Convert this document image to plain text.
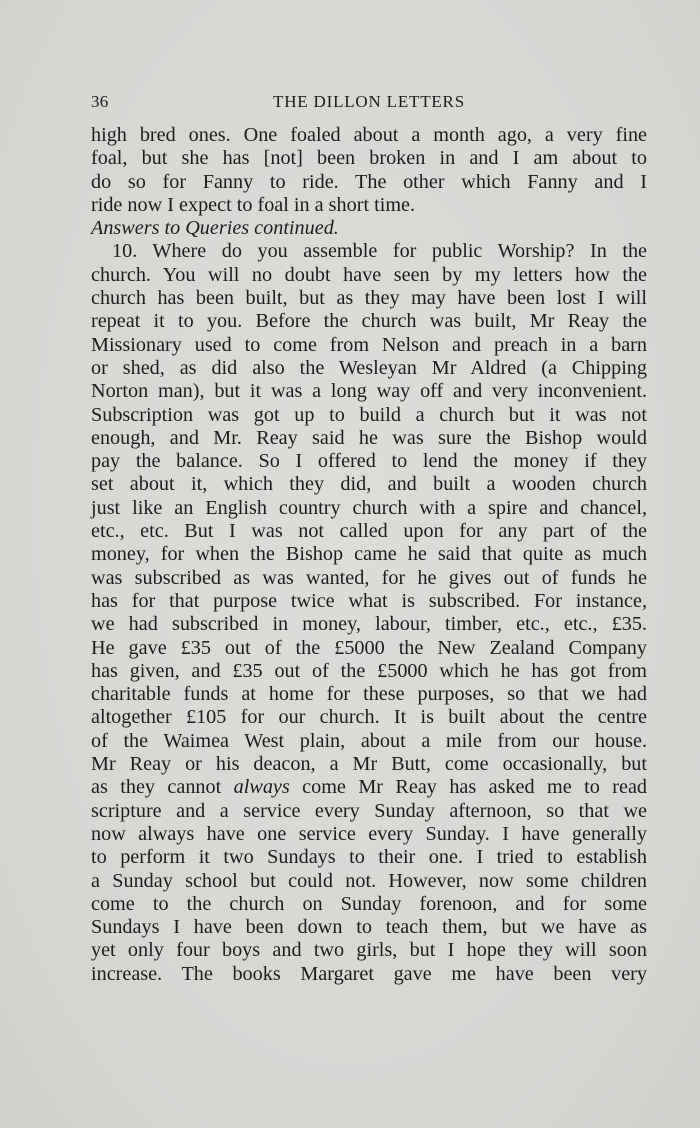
36	THE DILLON LETTERS
high bred ones. One foaled about a month ago, a very fine
foal, but she has [not] been broken in and I am about to
do so for Fanny to ride. The other which Fanny and I
ride now I expect to foal in a short time.
Answers to Queries continued.
10. Where do you assemble for public Worship? In the
church. You will no doubt have seen by my letters how the
church has been built, but as they may have been lost I will
repeat it to you. Before the church was built, Mr Reay the
Missionary used to come from Nelson and preach in a barn
or shed, as did also the Wesleyan Mr Aldred (a Chipping
Norton man), but it was a long way off and very inconvenient.
Subscription was got up to build a church but it was not
enough, and Mr. Reay said he was sure the Bishop would
pay the balance. So I offered to lend the money if they
set about it, which they did, and built a wooden church
just like an English country church with a spire and chancel,
etc., etc. But I was not called upon for any part of the
money, for when the Bishop came he said that quite as much
was subscribed as was wanted, for he gives out of funds he
has for that purpose twice what is subscribed. For instance,
we had subscribed in money, labour, timber, etc., etc., £35.
He gave £35 out of the £5000 the New Zealand Company
has given, and £35 out of the £5000 which he has got from
charitable funds at home for these purposes, so that we had
altogether £105 for our church. It is built about the centre
of the Waimea West plain, about a mile from our house.
Mr Reay or his deacon, a Mr Butt, come occasionally, but
as they cannot always come Mr Reay has asked me to read
scripture and a service every Sunday afternoon, so that we
now always have one service every Sunday. I have generally
to perform it two Sundays to their one. I tried to establish
a Sunday school but could not. However, now some children
come to the church on Sunday forenoon, and for some
Sundays I have been down to teach them, but we have as
yet only four boys and two girls, but I hope they will soon
increase. The books Margaret gave me have been very
